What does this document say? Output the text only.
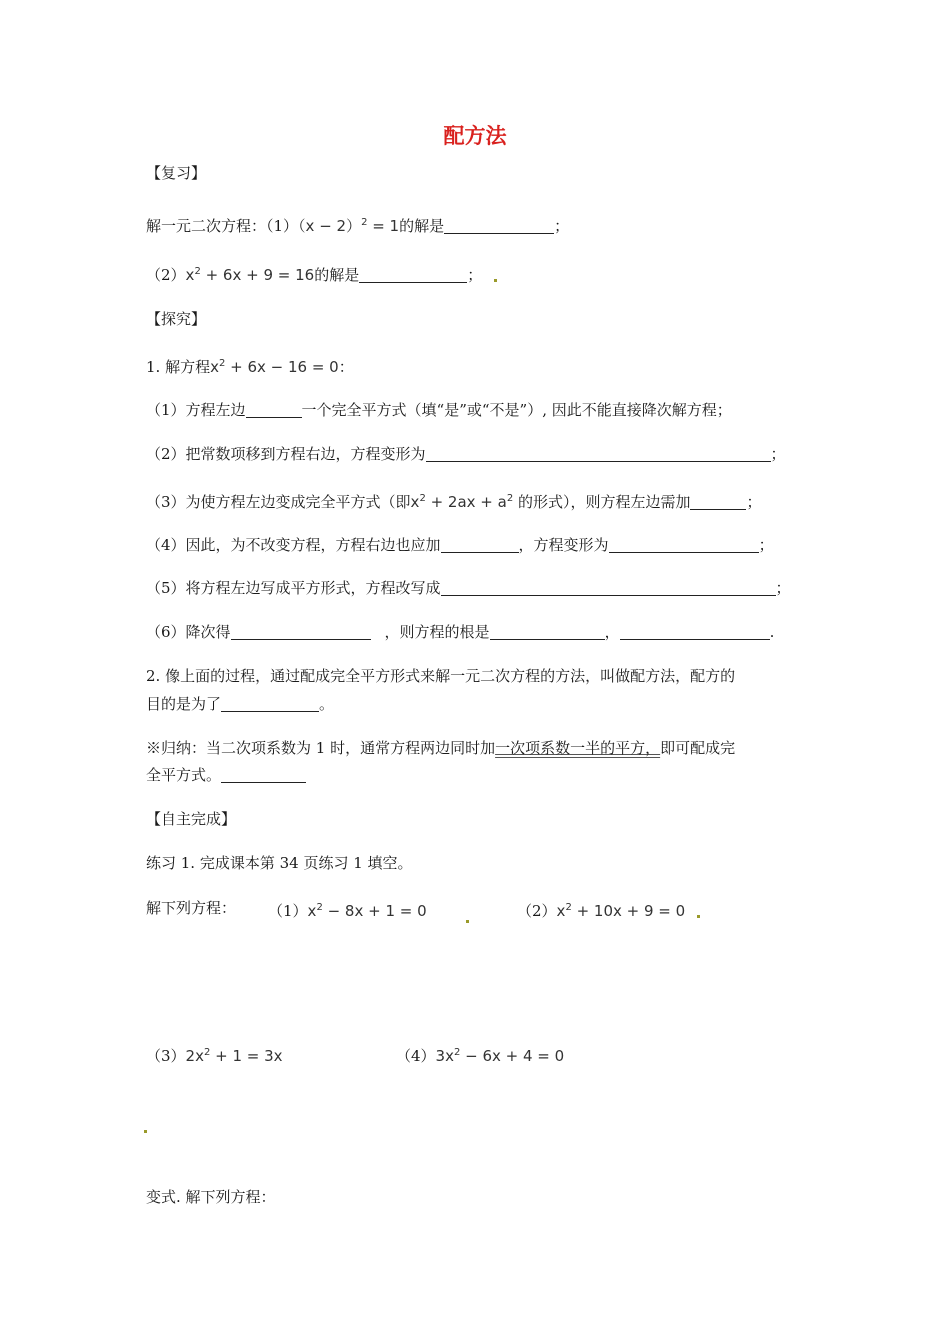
配方法
【复习】
解一元二次方程：$(1)(x - 2)^2 = 1$的解是	；
$(2)x^2 + 6x + 9 = 16$的解是	；
【探究】
1. 解方程$x^2 + 6x - 16 = 0$：
（1）方程左边	一个完全平方式（填“是”或“不是”）, 因此不能直接降次解方程；
（2）把常数项移到方程右边，方程变形为	；
（3）为使方程左边变成完全平方式（即$x^2 + 2ax + a^2$ 的形式），则方程左边需加	；
（4）因此，为不改变方程，方程右边也应加	，方程变形为	；
（5）将方程左边写成平方形式，方程改写成	；
（6）降次得	，则方程的根是	，	.
2. 像上面的过程，通过配成完全平方形式来解一元二次方程的方法，叫做配方法，配方的
目的是为了	。
※归纳：当二次项系数为 1 时，通常方程两边同时加一次项系数一半的平方，即可配成完
全平方式。
【自主完成】
练习 1. 完成课本第 34 页练习 1 填空。
解下列方程： $(1)x^2 - 8x + 1 = 0$	$(2)x^2 + 10x + 9 = 0$
$(3)2x^2 + 1 = 3x$	$(4)3x^2 - 6x + 4 = 0$
变式. 解下列方程：
